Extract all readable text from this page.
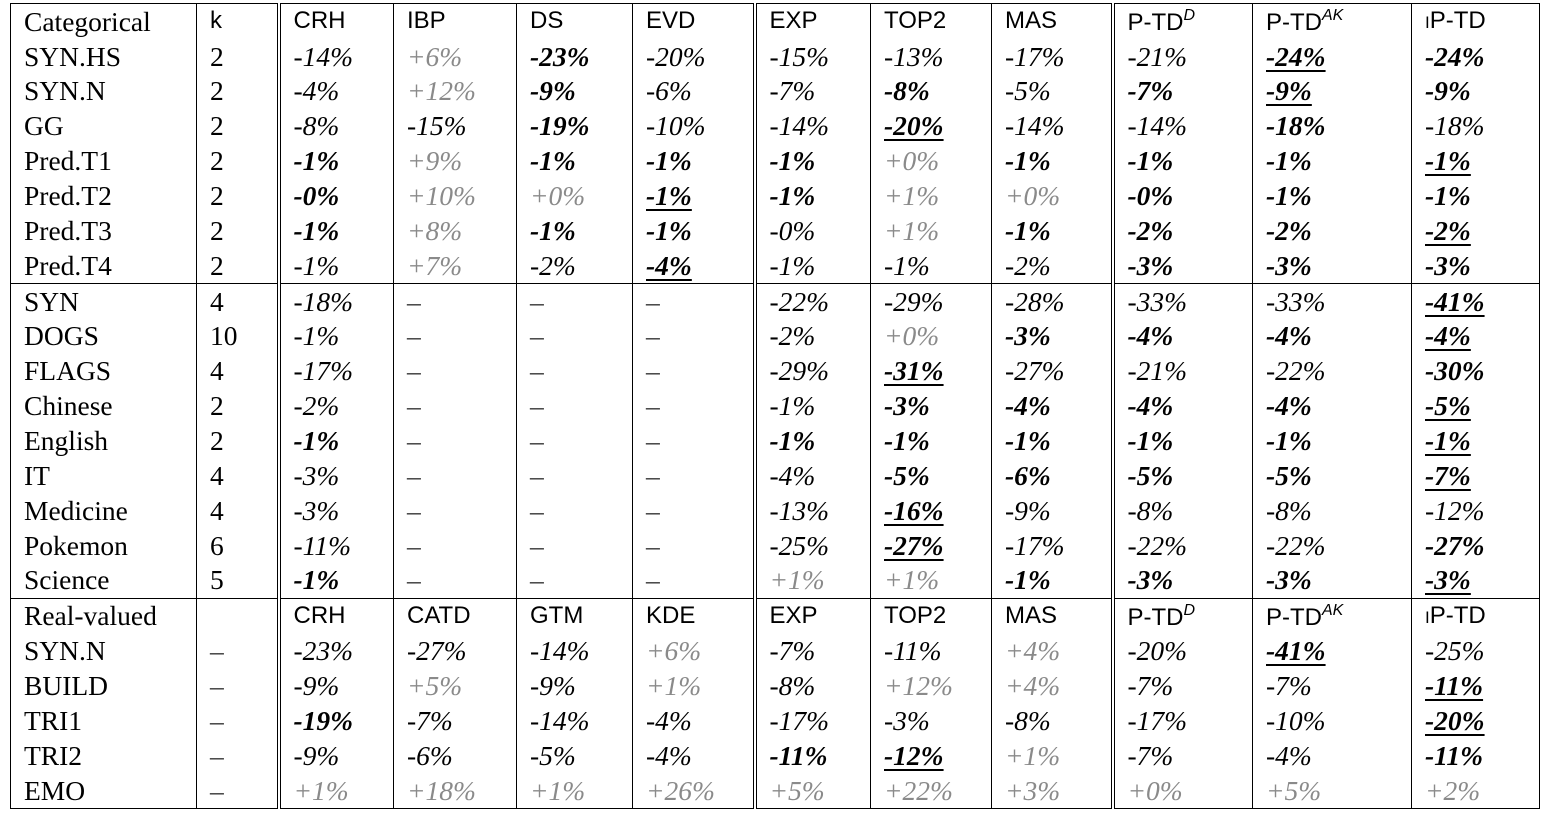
Categorical	k	CRH	IBP	DS	EVD	EXP	TOP2	MAS	$P-TD^D$	$P-TD^{AK}$	iP-TD
SYN.HS	2	-14%	+6%	-23%	-20%	-15%	-13%	-17%	-21%	-24%	-24%
SYN.N	2	-4%	+12%	-9%	-6%	-7%	-8%	-5%	-7%	-9%	-9%
GG	2	-8%	-15%	-19%	-10%	-14%	-20%	-14%	-14%	-18%	-18%
Pred.T1	2	-1%	+9%	-1%	-1%	-1%	+0%	-1%	-1%	-1%	-1%
Pred.T2	2	-0%	+10%	+0%	-1%	-1%	+1%	+0%	-0%	-1%	-1%
Pred.T3	2	-1%	+8%	-1%	-1%	-0%	+1%	-1%	-2%	-2%	-2%
Pred.T4	2	-1%	+7%	-2%	-4%	-1%	-1%	-2%	-3%	-3%	-3%
SYN	4	-18%	–	–	–	-22%	-29%	-28%	-33%	-33%	-41%
DOGS	10	-1%	–	–	–	-2%	+0%	-3%	-4%	-4%	-4%
FLAGS	4	-17%	–	–	–	-29%	-31%	-27%	-21%	-22%	-30%
Chinese	2	-2%	–	–	–	-1%	-3%	-4%	-4%	-4%	-5%
English	2	-1%	–	–	–	-1%	-1%	-1%	-1%	-1%	-1%
IT	4	-3%	–	–	–	-4%	-5%	-6%	-5%	-5%	-7%
Medicine	4	-3%	–	–	–	-13%	-16%	-9%	-8%	-8%	-12%
Pokemon	6	-11%	–	–	–	-25%	-27%	-17%	-22%	-22%	-27%
Science	5	-1%	–	–	–	+1%	+1%	-1%	-3%	-3%	-3%
Real-valued		CRH	CATD	GTM	KDE	EXP	TOP2	MAS	$P-TD^D$	$P-TD^{AK}$	iP-TD
SYN.N	–	-23%	-27%	-14%	+6%	-7%	-11%	+4%	-20%	-41%	-25%
BUILD	–	-9%	+5%	-9%	+1%	-8%	+12%	+4%	-7%	-7%	-11%
TRI1	–	-19%	-7%	-14%	-4%	-17%	-3%	-8%	-17%	-10%	-20%
TRI2	–	-9%	-6%	-5%	-4%	-11%	-12%	+1%	-7%	-4%	-11%
EMO	–	+1%	+18%	+1%	+26%	+5%	+22%	+3%	+0%	+5%	+2%
